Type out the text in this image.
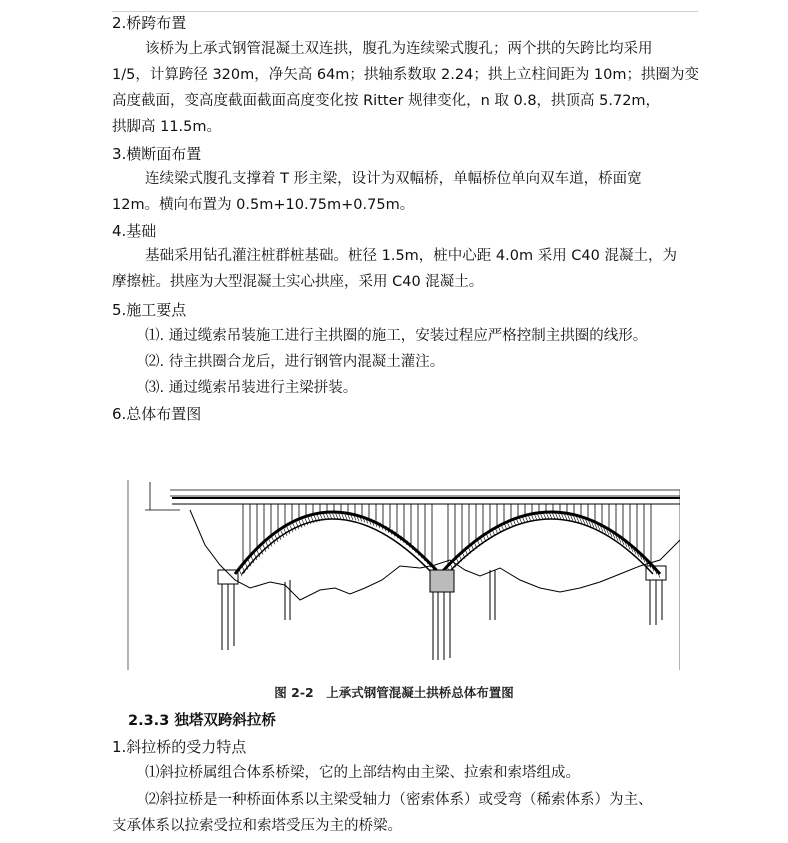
2.桥跨布置
该桥为上承式钢管混凝土双连拱，腹孔为连续梁式腹孔；两个拱的矢跨比均采用
1/5，计算跨径 320m，净矢高 64m；拱轴系数取 2.24；拱上立柱间距为 10m；拱圈为变
高度截面，变高度截面截面高度变化按 Ritter 规律变化，n 取 0.8，拱顶高 5.72m，
拱脚高 11.5m。
3.横断面布置
连续梁式腹孔支撑着 T 形主梁，设计为双幅桥，单幅桥位单向双车道，桥面宽
12m。横向布置为 0.5m+10.75m+0.75m。
4.基础
基础采用钻孔灌注桩群桩基础。桩径 1.5m，桩中心距 4.0m 采用 C40 混凝土，为
摩擦桩。拱座为大型混凝土实心拱座，采用 C40 混凝土。
5.施工要点
⑴. 通过缆索吊装施工进行主拱圈的施工，安装过程应严格控制主拱圈的线形。
⑵. 待主拱圈合龙后，进行钢管内混凝土灌注。
⑶. 通过缆索吊装进行主梁拼装。
6.总体布置图
图 2-2　上承式钢管混凝土拱桥总体布置图
2.3.3 独塔双跨斜拉桥
1.斜拉桥的受力特点
⑴斜拉桥属组合体系桥梁，它的上部结构由主梁、拉索和索塔组成。
⑵斜拉桥是一种桥面体系以主梁受轴力（密索体系）或受弯（稀索体系）为主、
支承体系以拉索受拉和索塔受压为主的桥梁。
